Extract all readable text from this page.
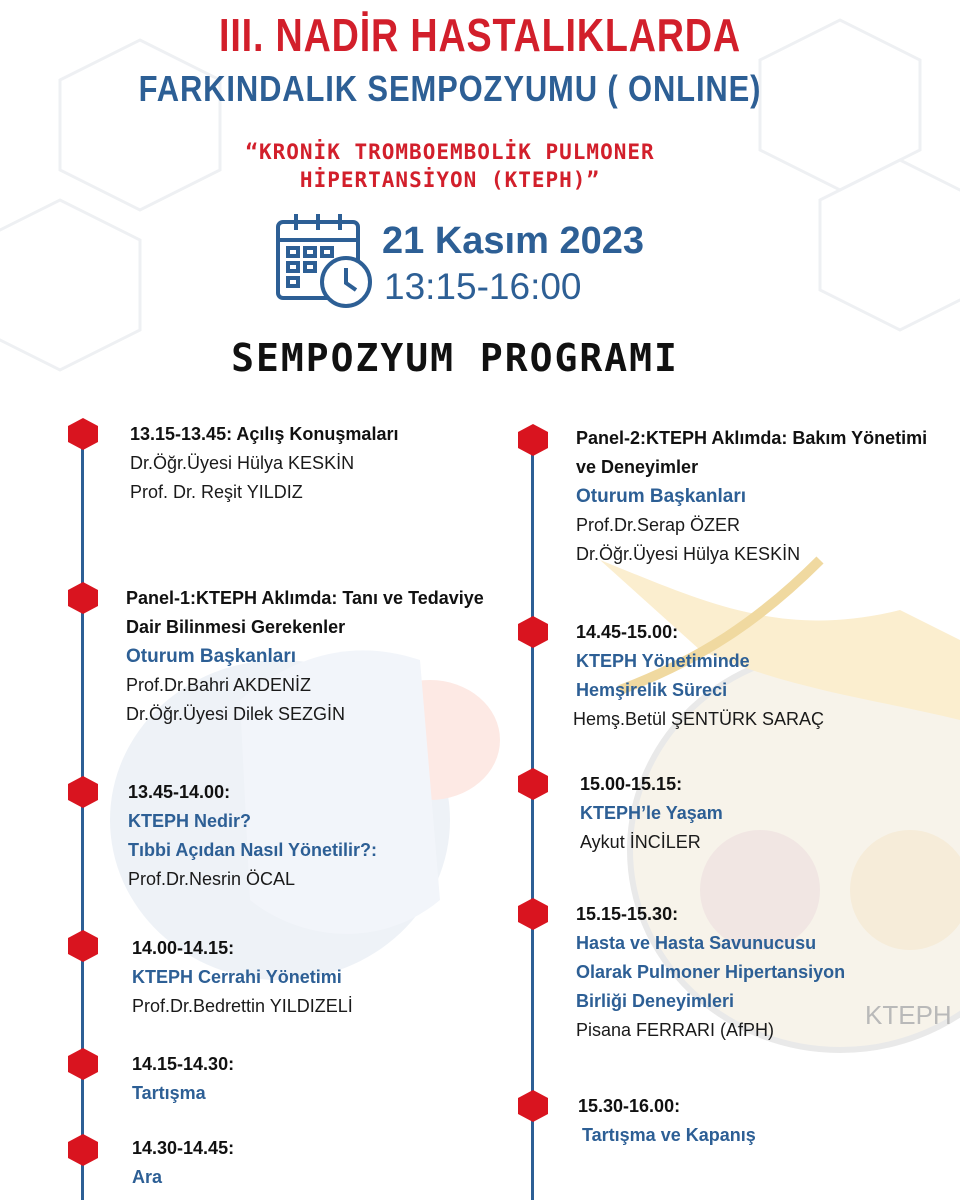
KTEPH
III. NADİR HASTALIKLARDA
FARKINDALIK SEMPOZYUMU ( ONLINE)
“KRONİK TROMBOEMBOLİK PULMONER
HİPERTANSİYON (KTEPH)”
21 Kasım 2023
13:15-16:00
SEMPOZYUM PROGRAMI
13.15-13.45: Açılış Konuşmaları
Dr.Öğr.Üyesi Hülya KESKİN
Prof. Dr. Reşit YILDIZ
Panel-1:KTEPH Aklımda: Tanı ve Tedaviye
Dair Bilinmesi Gerekenler
Oturum Başkanları
Prof.Dr.Bahri AKDENİZ
Dr.Öğr.Üyesi Dilek SEZGİN
13.45-14.00:
KTEPH Nedir?
Tıbbi Açıdan Nasıl Yönetilir?:
Prof.Dr.Nesrin ÖCAL
14.00-14.15:
KTEPH Cerrahi Yönetimi
Prof.Dr.Bedrettin YILDIZELİ
14.15-14.30:
Tartışma
14.30-14.45:
Ara
Panel-2:KTEPH Aklımda: Bakım Yönetimi
ve Deneyimler
Oturum Başkanları
Prof.Dr.Serap ÖZER
Dr.Öğr.Üyesi Hülya KESKİN
14.45-15.00:
KTEPH Yönetiminde
Hemşirelik Süreci
Hemş.Betül ŞENTÜRK SARAÇ
15.00-15.15:
KTEPH’le Yaşam
Aykut İNCİLER
15.15-15.30:
Hasta ve Hasta Savunucusu
Olarak Pulmoner Hipertansiyon
Birliği Deneyimleri
Pisana FERRARI (AfPH)
15.30-16.00:
Tartışma ve Kapanış
